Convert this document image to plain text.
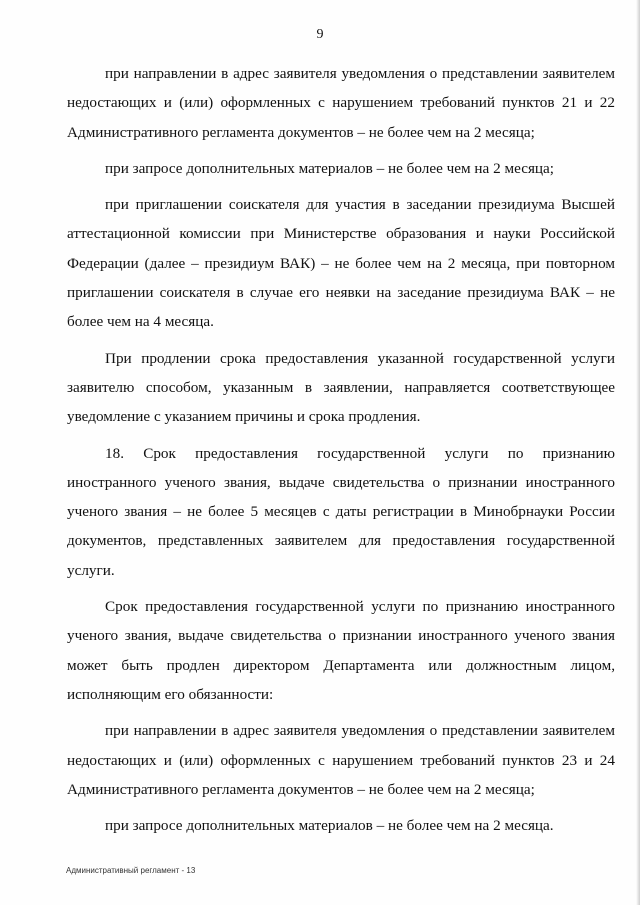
9

при направлении в адрес заявителя уведомления о представлении заявителем недостающих и (или) оформленных с нарушением требований пунктов 21 и 22 Административного регламента документов – не более чем на 2 месяца;

при запросе дополнительных материалов – не более чем на 2 месяца;

при приглашении соискателя для участия в заседании президиума Высшей аттестационной комиссии при Министерстве образования и науки Российской Федерации (далее – президиум ВАК) – не более чем на 2 месяца, при повторном приглашении соискателя в случае его неявки на заседание президиума ВАК – не более чем на 4 месяца.

При продлении срока предоставления указанной государственной услуги заявителю способом, указанным в заявлении, направляется соответствующее уведомление с указанием причины и срока продления.

18. Срок предоставления государственной услуги по признанию иностранного ученого звания, выдаче свидетельства о признании иностранного ученого звания – не более 5 месяцев с даты регистрации в Минобрнауки России документов, представленных заявителем для предоставления государственной услуги.

Срок предоставления государственной услуги по признанию иностранного ученого звания, выдаче свидетельства о признании иностранного ученого звания может быть продлен директором Департамента или должностным лицом, исполняющим его обязанности:

при направлении в адрес заявителя уведомления о представлении заявителем недостающих и (или) оформленных с нарушением требований пунктов 23 и 24 Административного регламента документов – не более чем на 2 месяца;

при запросе дополнительных материалов – не более чем на 2 месяца.

Административный регламент - 13
